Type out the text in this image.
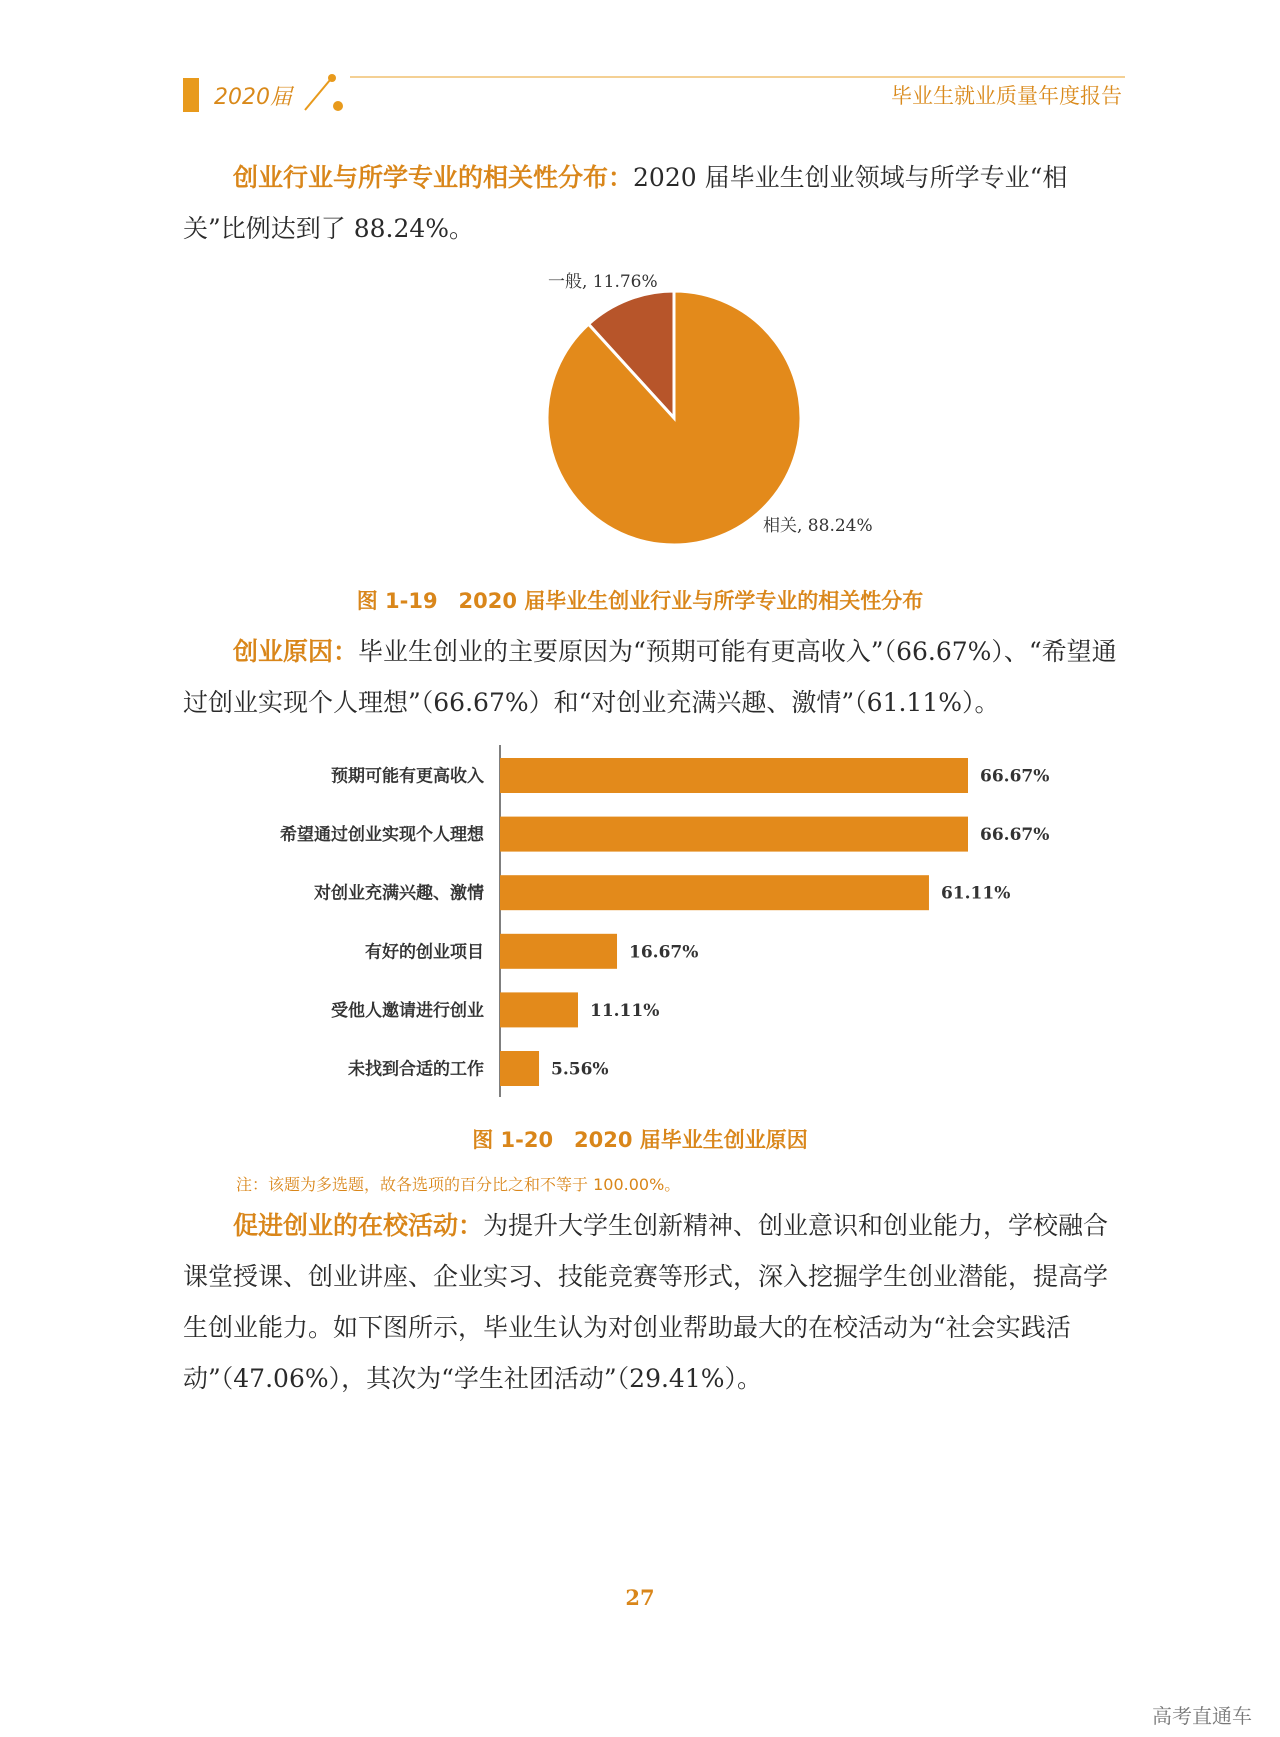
2020届	毕业生就业质量年度报告
创业行业与所学专业的相关性分布：2020 届毕业生创业领域与所学专业“相关”比例达到了 88.24%。
一般, 11.76%
相关, 88.24%
预期可能有更高收入	66.67%
希望通过创业实现个人理想	66.67%
对创业充满兴趣、激情	61.11%
有好的创业项目	16.67%
受他人邀请进行创业	11.11%
未找到合适的工作	5.56%
图 1-19　2020 届毕业生创业行业与所学专业的相关性分布
创业原因：毕业生创业的主要原因为“预期可能有更高收入”（66.67%）、“希望通过创业实现个人理想”（66.67%）和“对创业充满兴趣、激情”（61.11%）。
图 1-20　2020 届毕业生创业原因
注：该题为多选题，故各选项的百分比之和不等于 100.00%。
促进创业的在校活动：为提升大学生创新精神、创业意识和创业能力，学校融合课堂授课、创业讲座、企业实习、技能竞赛等形式，深入挖掘学生创业潜能，提高学生创业能力。如下图所示，毕业生认为对创业帮助最大的在校活动为“社会实践活动”（47.06%），其次为“学生社团活动”（29.41%）。
27
高考直通车
